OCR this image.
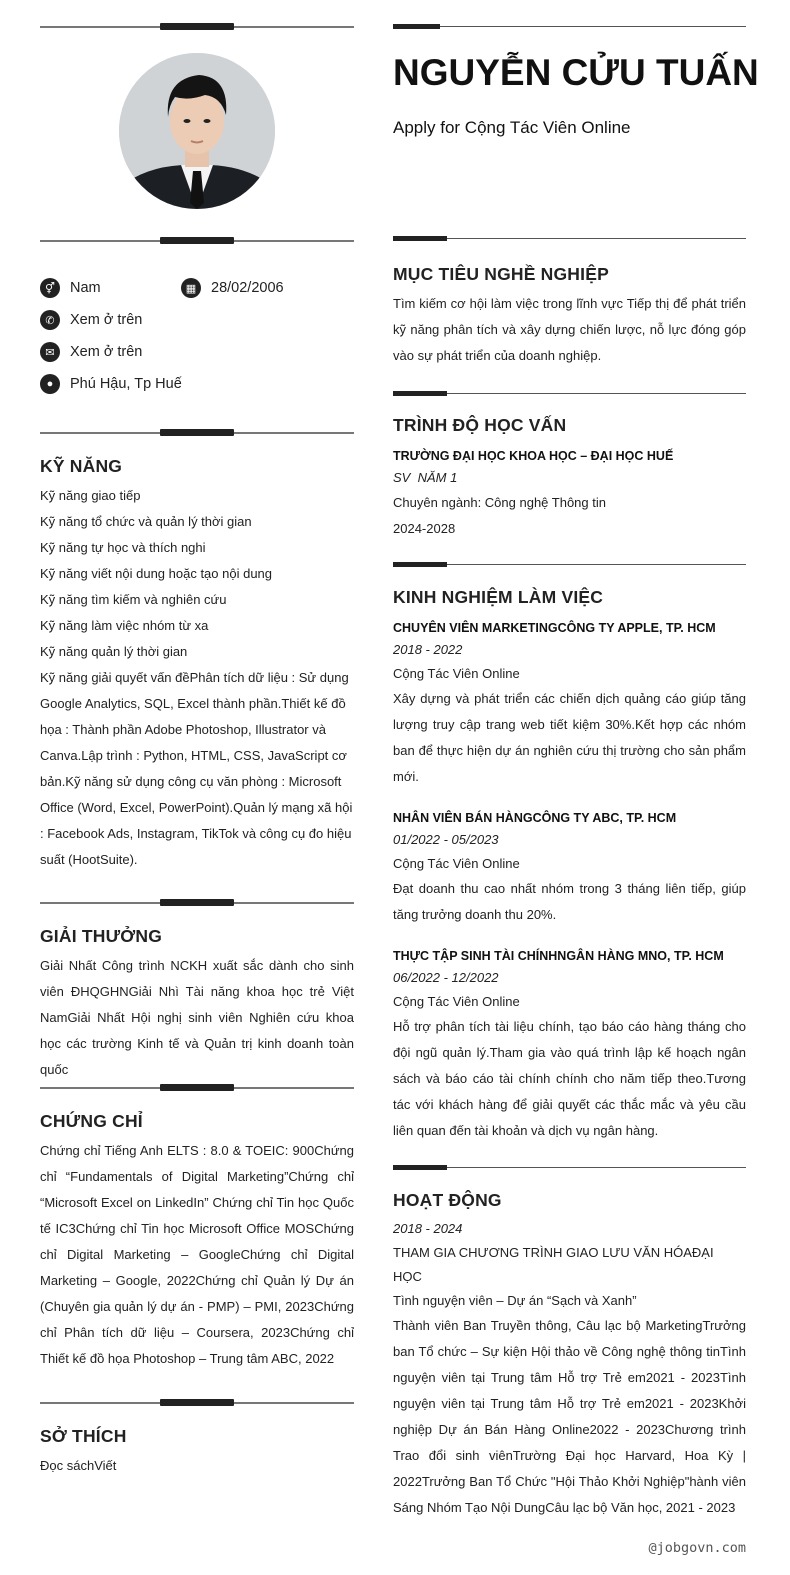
⚥	Nam	▦	28/02/2006
✆	Xem ở trên
✉	Xem ở trên
●	Phú Hậu, Tp Huế
KỸ NĂNG
Kỹ năng giao tiếp
Kỹ năng tổ chức và quản lý thời gian
Kỹ năng tự học và thích nghi
Kỹ năng viết nội dung hoặc tạo nội dung
Kỹ năng tìm kiếm và nghiên cứu
Kỹ năng làm việc nhóm từ xa
Kỹ năng quản lý thời gian
Kỹ năng giải quyết vấn đềPhân tích dữ liệu : Sử dụng Google Analytics, SQL, Excel thành phần.Thiết kế đồ họa : Thành phần Adobe Photoshop, Illustrator và Canva.Lập trình : Python, HTML, CSS, JavaScript cơ bản.Kỹ năng sử dụng công cụ văn phòng : Microsoft Office (Word, Excel, PowerPoint).Quản lý mạng xã hội : Facebook Ads, Instagram, TikTok và công cụ đo hiệu suất (HootSuite).
GIẢI THƯỞNG
Giải Nhất Công trình NCKH xuất sắc dành cho sinh viên ĐHQGHNGiải Nhì Tài năng khoa học trẻ Việt NamGiải Nhất Hội nghị sinh viên Nghiên cứu khoa học các trường Kinh tế và Quản trị kinh doanh toàn quốc
CHỨNG CHỈ
Chứng chỉ Tiếng Anh ELTS : 8.0 & TOEIC: 900Chứng chỉ “Fundamentals of Digital Marketing”Chứng chỉ “Microsoft Excel on LinkedIn” Chứng chỉ Tin học Quốc tế IC3Chứng chỉ Tin học Microsoft Office MOSChứng chỉ Digital Marketing – GoogleChứng chỉ Digital Marketing – Google, 2022Chứng chỉ Quản lý Dự án (Chuyên gia quản lý dự án - PMP) – PMI, 2023Chứng chỉ Phân tích dữ liệu – Coursera, 2023Chứng chỉ Thiết kế đồ họa Photoshop – Trung tâm ABC, 2022
SỞ THÍCH
Đọc sáchViết
NGUYỄN CỬU TUẤN
Apply for Cộng Tác Viên Online
MỤC TIÊU NGHỀ NGHIỆP
Tìm kiếm cơ hội làm việc trong lĩnh vực Tiếp thị để phát triển kỹ năng phân tích và xây dựng chiến lược, nỗ lực đóng góp vào sự phát triển của doanh nghiệp.
TRÌNH ĐỘ HỌC VẤN
TRƯỜNG ĐẠI HỌC KHOA HỌC – ĐẠI HỌC HUẾ
SV  NĂM 1
Chuyên ngành: Công nghệ Thông tin
2024-2028
KINH NGHIỆM LÀM VIỆC
CHUYÊN VIÊN MARKETINGCÔNG TY APPLE, TP. HCM
2018 - 2022
Cộng Tác Viên Online
Xây dựng và phát triển các chiến dịch quảng cáo giúp tăng lượng truy cập trang web tiết kiệm 30%.Kết hợp các nhóm ban để thực hiện dự án nghiên cứu thị trường cho sản phẩm mới.
NHÂN VIÊN BÁN HÀNGCÔNG TY ABC, TP. HCM
01/2022 - 05/2023
Cộng Tác Viên Online
Đạt doanh thu cao nhất nhóm trong 3 tháng liên tiếp, giúp tăng trưởng doanh thu 20%.
THỰC TẬP SINH TÀI CHÍNHNGÂN HÀNG MNO, TP. HCM
06/2022 - 12/2022
Cộng Tác Viên Online
Hỗ trợ phân tích tài liệu chính, tạo báo cáo hàng tháng cho đội ngũ quản lý.Tham gia vào quá trình lập kế hoạch ngân sách và báo cáo tài chính chính cho năm tiếp theo.Tương tác với khách hàng để giải quyết các thắc mắc và yêu cầu liên quan đến tài khoản và dịch vụ ngân hàng.
HOẠT ĐỘNG
2018 - 2024
THAM GIA CHƯƠNG TRÌNH GIAO LƯU VĂN HÓAĐẠI HỌC
Tình nguyện viên – Dự án “Sạch và Xanh”
Thành viên Ban Truyền thông, Câu lạc bộ MarketingTrưởng ban Tổ chức – Sự kiện Hội thảo về Công nghệ thông tinTình nguyện viên tại Trung tâm Hỗ trợ Trẻ em2021 - 2023Tình nguyện viên tại Trung tâm Hỗ trợ Trẻ em2021 - 2023Khởi nghiệp Dự án Bán Hàng Online2022 - 2023Chương trình Trao đổi sinh viênTrường Đại học Harvard, Hoa Kỳ | 2022Trưởng Ban Tổ Chức "Hội Thảo Khởi Nghiệp"hành viên Sáng Nhóm Tạo Nội DungCâu lạc bộ Văn học, 2021 - 2023
@jobgovn.com
